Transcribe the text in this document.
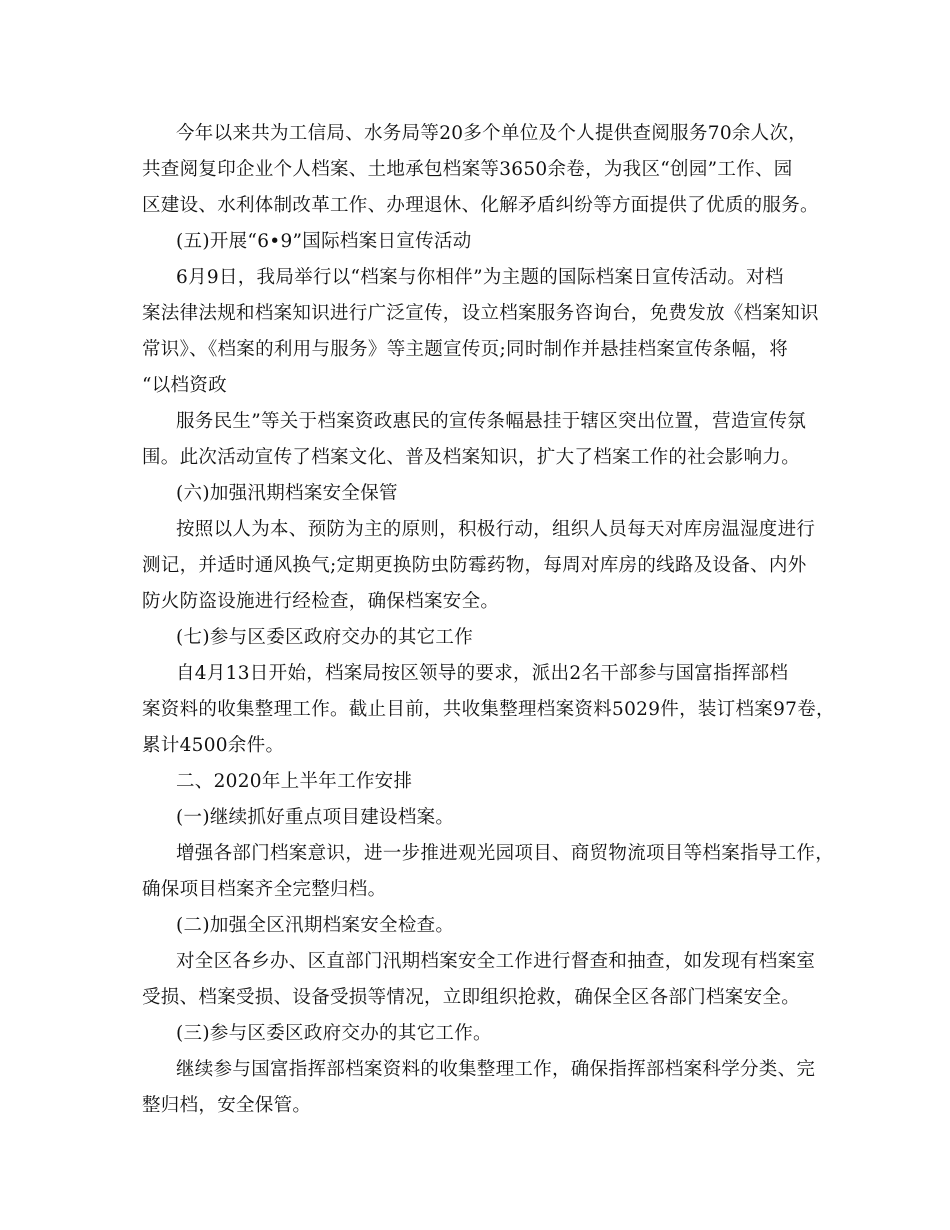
今年以来共为工信局、水务局等20多个单位及个人提供查阅服务70余人次，
共查阅复印企业个人档案、土地承包档案等3650余卷，为我区“创园”工作、园
区建设、水利体制改革工作、办理退休、化解矛盾纠纷等方面提供了优质的服务。
(五)开展“6•9”国际档案日宣传活动
6月9日，我局举行以“档案与你相伴”为主题的国际档案日宣传活动。对档
案法律法规和档案知识进行广泛宣传，设立档案服务咨询台，免费发放《档案知识
常识》、《档案的利用与服务》等主题宣传页;同时制作并悬挂档案宣传条幅，将
“以档资政
服务民生”等关于档案资政惠民的宣传条幅悬挂于辖区突出位置，营造宣传氛
围。此次活动宣传了档案文化、普及档案知识，扩大了档案工作的社会影响力。
(六)加强汛期档案安全保管
按照以人为本、预防为主的原则，积极行动，组织人员每天对库房温湿度进行
测记，并适时通风换气;定期更换防虫防霉药物，每周对库房的线路及设备、内外
防火防盗设施进行经检查，确保档案安全。
(七)参与区委区政府交办的其它工作
自4月13日开始，档案局按区领导的要求，派出2名干部参与国富指挥部档
案资料的收集整理工作。截止目前，共收集整理档案资料5029件，装订档案97卷，
累计4500余件。
二、2020年上半年工作安排
(一)继续抓好重点项目建设档案。
增强各部门档案意识，进一步推进观光园项目、商贸物流项目等档案指导工作，
确保项目档案齐全完整归档。
(二)加强全区汛期档案安全检查。
对全区各乡办、区直部门汛期档案安全工作进行督查和抽查，如发现有档案室
受损、档案受损、设备受损等情况，立即组织抢救，确保全区各部门档案安全。
(三)参与区委区政府交办的其它工作。
继续参与国富指挥部档案资料的收集整理工作，确保指挥部档案科学分类、完
整归档，安全保管。
